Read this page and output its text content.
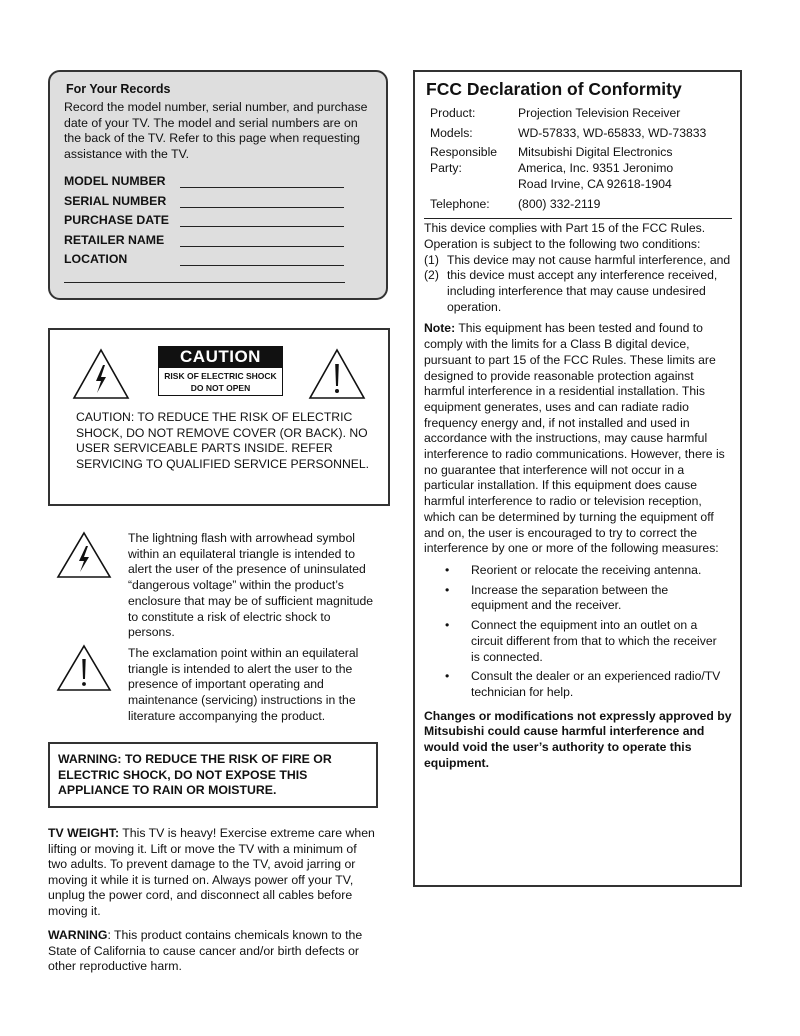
For Your Records
Record the model number, serial number, and purchase date of your TV. The model and serial numbers are on the back of the TV. Refer to this page when requesting assistance with the TV.
MODEL NUMBER
SERIAL NUMBER
PURCHASE DATE
RETAILER NAME
LOCATION
CAUTION
RISK OF ELECTRIC SHOCK
DO NOT OPEN
CAUTION: TO REDUCE THE RISK OF ELECTRIC SHOCK, DO NOT REMOVE COVER (OR BACK). NO USER SERVICEABLE PARTS INSIDE. REFER SERVICING TO QUALIFIED SERVICE PERSONNEL.
The lightning flash with arrowhead symbol within an equilateral triangle is intended to alert the user of the presence of uninsulated “dangerous voltage” within the product’s enclosure that may be of sufficient magnitude to constitute a risk of electric shock to persons.
The exclamation point within an equilateral triangle is intended to alert the user to the presence of important operating and maintenance (servicing) instructions in the literature accompanying the product.
WARNING: TO REDUCE THE RISK OF FIRE OR ELECTRIC SHOCK, DO NOT EXPOSE THIS APPLIANCE TO RAIN OR MOISTURE.
TV WEIGHT: This TV is heavy! Exercise extreme care when lifting or moving it. Lift or move the TV with a minimum of two adults. To prevent damage to the TV, avoid jarring or moving it while it is turned on. Always power off your TV, unplug the power cord, and disconnect all cables before moving it.
WARNING: This product contains chemicals known to the State of California to cause cancer and/or birth defects or other reproductive harm.
FCC Declaration of Conformity
Product:	Projection Television Receiver
Models:	WD-57833, WD-65833, WD-73833
Responsible Party:
Mitsubishi Digital Electronics America, Inc. 9351 Jeronimo Road Irvine, CA 92618-1904
Telephone:	(800) 332-2119
This device complies with Part 15 of the FCC Rules. Operation is subject to the following two conditions:
(1) This device may not cause harmful interference, and
(2) this device must accept any interference received, including interference that may cause undesired operation.
Note: This equipment has been tested and found to comply with the limits for a Class B digital device, pursuant to part 15 of the FCC Rules. These limits are designed to provide reasonable protection against harmful interference in a residential installation. This equipment generates, uses and can radiate radio frequency energy and, if not installed and used in accordance with the instructions, may cause harmful interference to radio communications. However, there is no guarantee that interference will not occur in a particular installation. If this equipment does cause harmful interference to radio or television reception, which can be determined by turning the equipment off and on, the user is encouraged to try to correct the interference by one or more of the following measures:
•	Reorient or relocate the receiving antenna.
•	Increase the separation between the equipment and the receiver.
•	Connect the equipment into an outlet on a circuit different from that to which the receiver is connected.
•	Consult the dealer or an experienced radio/TV technician for help.
Changes or modifications not expressly approved by Mitsubishi could cause harmful interference and would void the user’s authority to operate this equipment.
